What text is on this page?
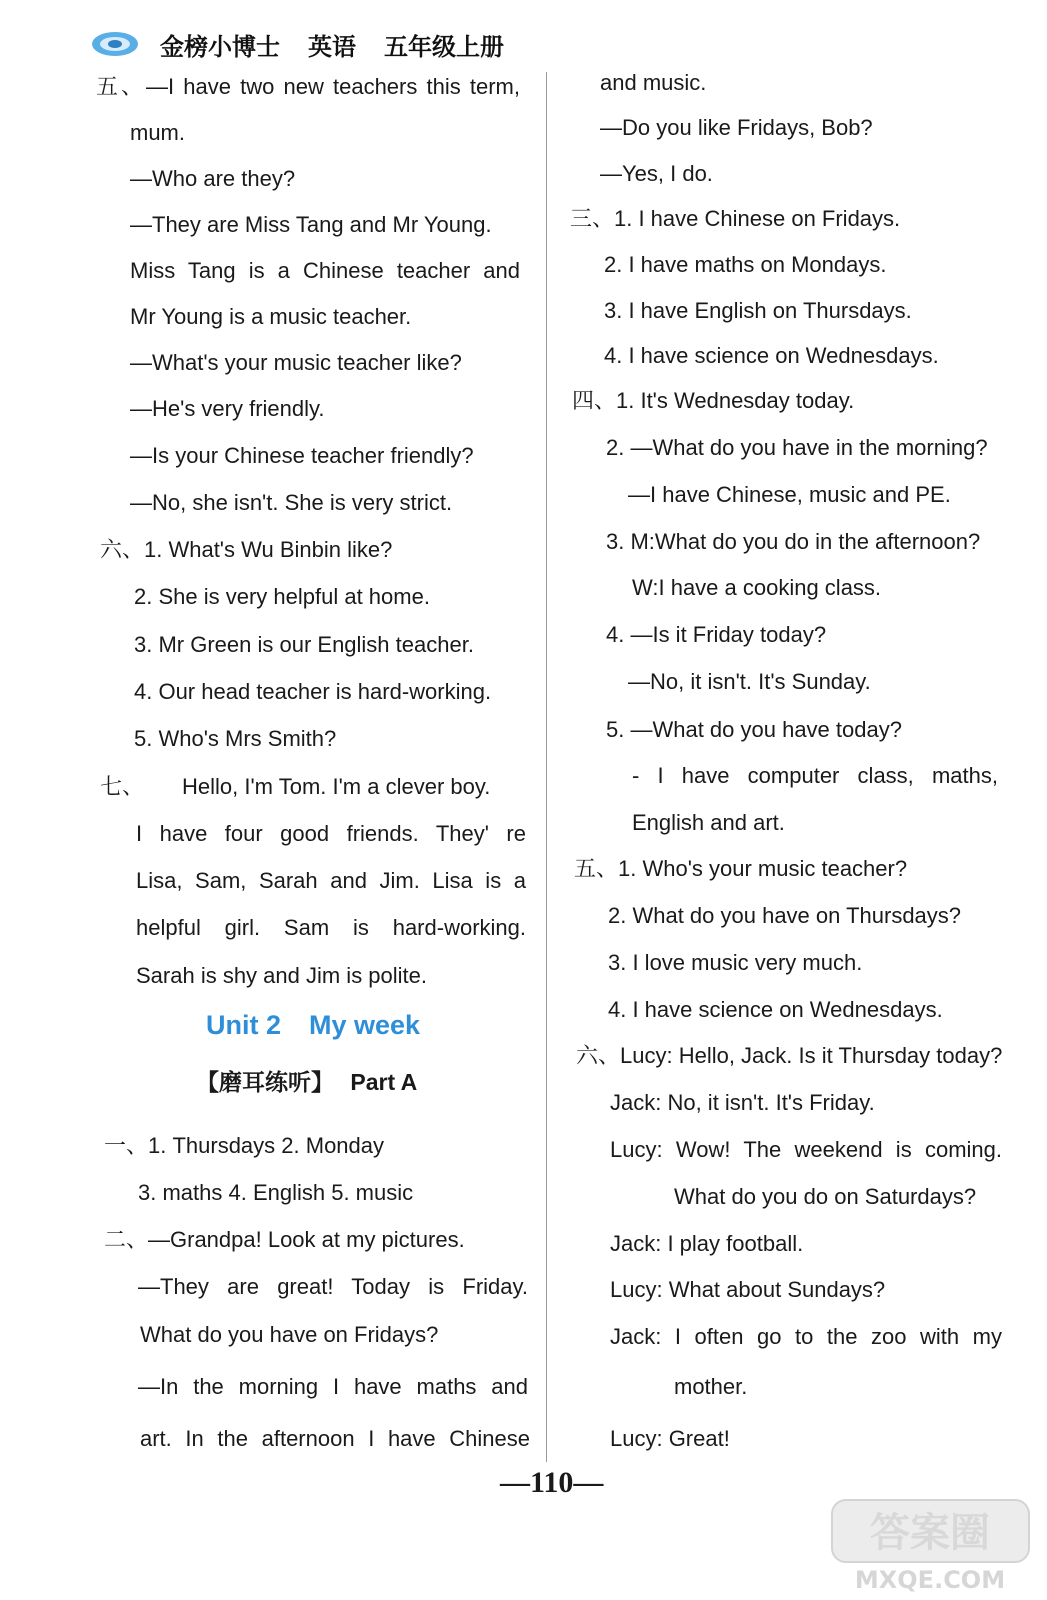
金榜小博士 英语 五年级上册
五、—I have two new teachers this term,
mum.
—Who are they?
—They are Miss Tang and Mr Young.
Miss Tang is a Chinese teacher and
Mr Young is a music teacher.
—What's your music teacher like?
—He's very friendly.
—Is your Chinese teacher friendly?
—No, she isn't. She is very strict.
六、1. What's Wu Binbin like?
2. She is very helpful at home.
3. Mr Green is our English teacher.
4. Our head teacher is hard-working.
5. Who's Mrs Smith?
七、 Hello, I'm Tom. I'm a clever boy.
I have four good friends. They' re
Lisa, Sam, Sarah and Jim. Lisa is a
helpful girl. Sam is hard-working.
Sarah is shy and Jim is polite.
一、1. Thursdays 2. Monday
3. maths 4. English 5. music
二、—Grandpa! Look at my pictures.
—They are great! Today is Friday.
What do you have on Fridays?
—In the morning I have maths and
art. In the afternoon I have Chinese
and music.
—Do you like Fridays, Bob?
—Yes, I do.
三、1. I have Chinese on Fridays.
2. I have maths on Mondays.
3. I have English on Thursdays.
4. I have science on Wednesdays.
四、1. It's Wednesday today.
2. —What do you have in the morning?
—I have Chinese, music and PE.
3. M:What do you do in the afternoon?
W:I have a cooking class.
4. —Is it Friday today?
—No, it isn't. It's Sunday.
5. —What do you have today?
- I have computer class, maths,
English and art.
五、1. Who's your music teacher?
2. What do you have on Thursdays?
3. I love music very much.
4. I have science on Wednesdays.
六、Lucy: Hello, Jack. Is it Thursday today?
Jack: No, it isn't. It's Friday.
Lucy: Wow! The weekend is coming.
What do you do on Saturdays?
Jack: I play football.
Lucy: What about Sundays?
Jack: I often go to the zoo with my
mother.
Lucy: Great!
Unit 2 My week
【磨耳练听】 Part A
—110—
答案圈
MXQE.COM
